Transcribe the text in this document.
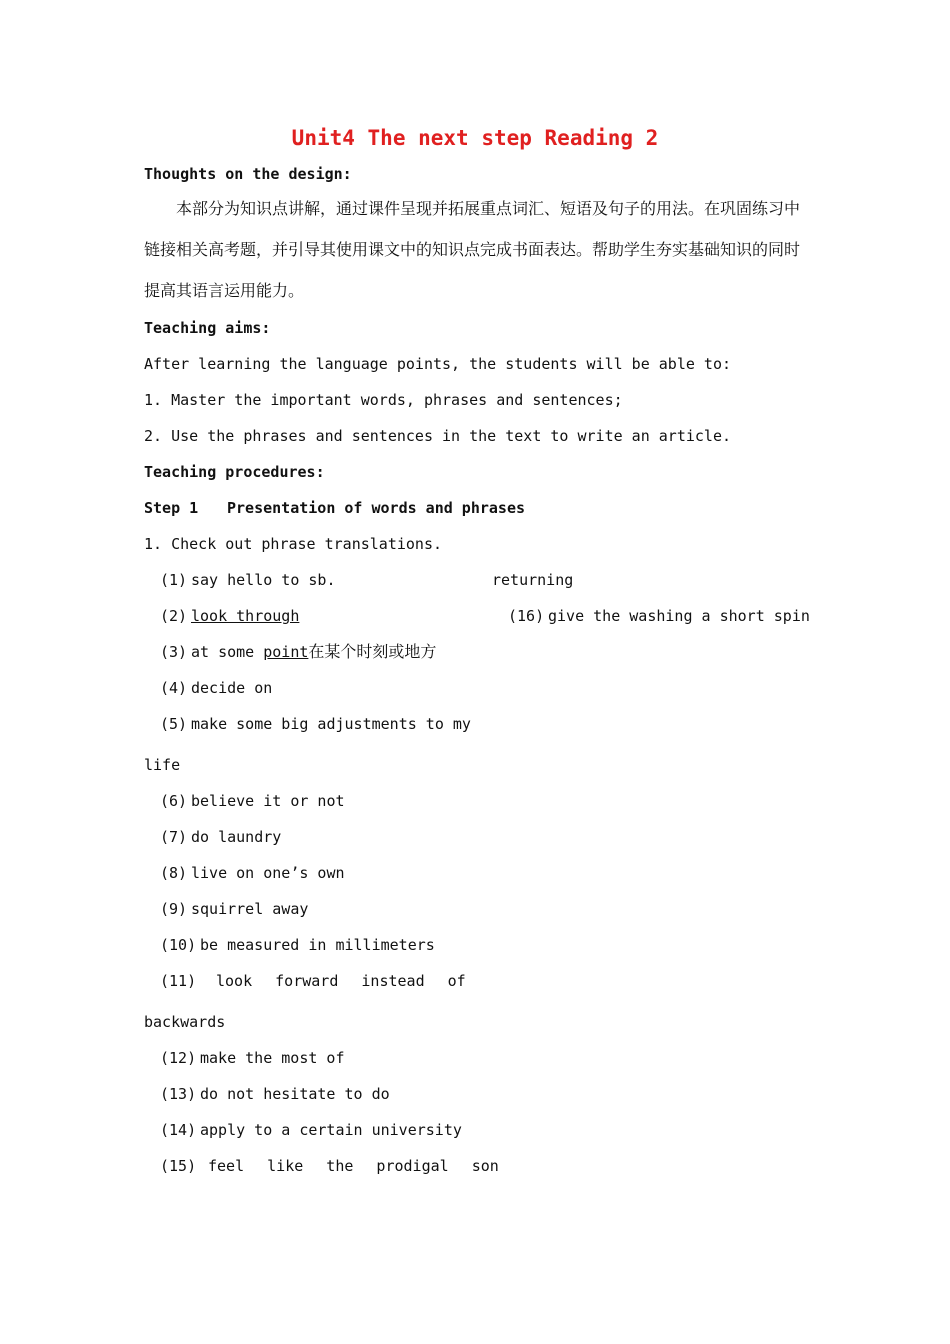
Unit4 The next step Reading 2
Thoughts on the design:
本部分为知识点讲解，通过课件呈现并拓展重点词汇、短语及句子的用法。在巩固练习中链接相关高考题，并引导其使用课文中的知识点完成书面表达。帮助学生夯实基础知识的同时提高其语言运用能力。
Teaching aims:
After learning the language points, the students will be able to:
1. Master the important words, phrases and sentences;
2. Use the phrases and sentences in the text to write an article.
Teaching procedures:
Step 1 Presentation of words and phrases
1. Check out phrase translations.
(1) say hello to sb.	returning
(2) look through	(16) give the washing a short spin
(3) at some point在某个时刻或地方
(4) decide on
(5) make some big adjustments to my
life
(6) believe it or not
(7) do laundry
(8) live on one’s own
(9) squirrel away
(10) be measured in millimeters
(11) look forward instead of
backwards
(12) make the most of
(13) do not hesitate to do
(14) apply to a certain university
(15) feel like the prodigal son
